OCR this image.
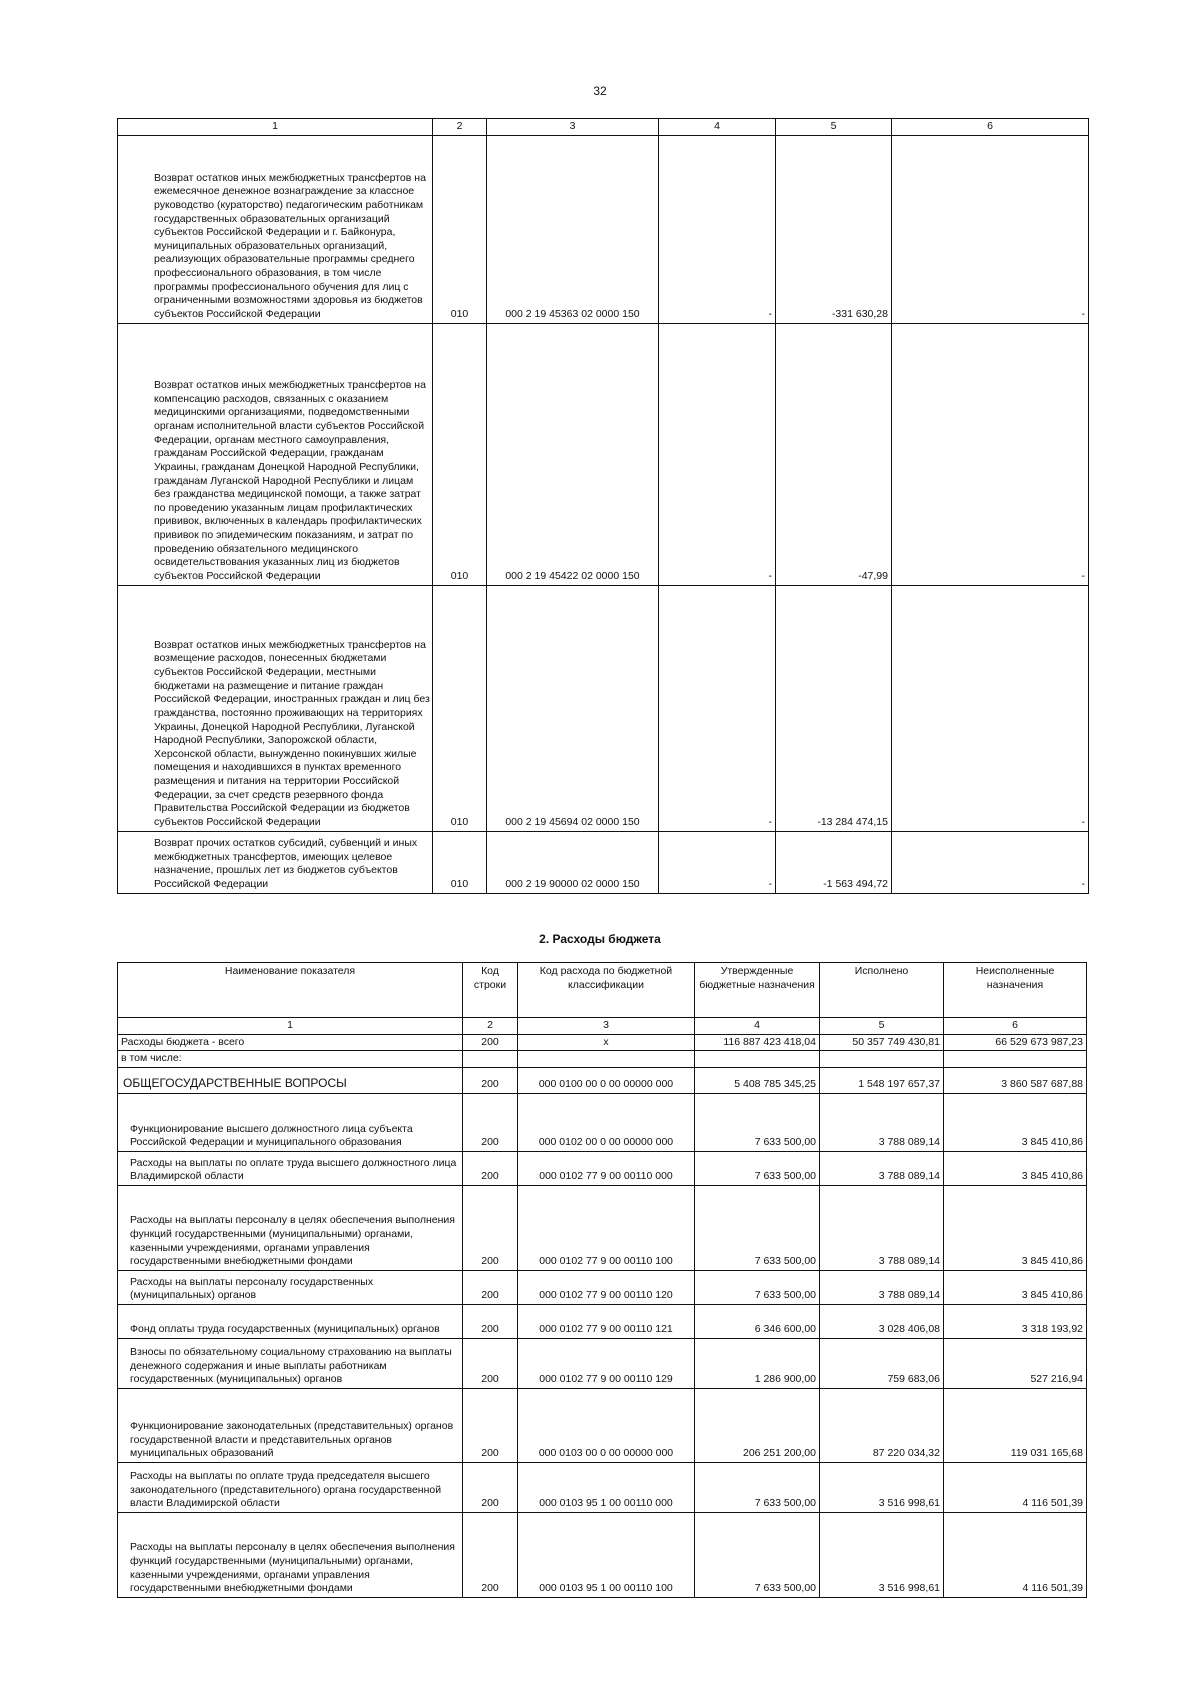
32
1	2	3	4	5	6
Возврат остатков иных межбюджетных трансфертов на ежемесячное денежное вознаграждение за классное руководство (кураторство) педагогическим работникам государственных образовательных организаций субъектов Российской Федерации и г. Байконура, муниципальных образовательных организаций, реализующих образовательные программы среднего профессионального образования, в том числе программы профессионального обучения для лиц с ограниченными возможностями здоровья из бюджетов субъектов Российской Федерации	010	000 2 19 45363 02 0000 150	-	-331 630,28	-
Возврат остатков иных межбюджетных трансфертов на компенсацию расходов, связанных с оказанием медицинскими организациями, подведомственными органам исполнительной власти субъектов Российской Федерации, органам местного самоуправления, гражданам Российской Федерации, гражданам Украины, гражданам Донецкой Народной Республики, гражданам Луганской Народной Республики и лицам без гражданства медицинской помощи, а также затрат по проведению указанным лицам профилактических прививок, включенных в календарь профилактических прививок по эпидемическим показаниям, и затрат по проведению обязательного медицинского освидетельствования указанных лиц из бюджетов субъектов Российской Федерации	010	000 2 19 45422 02 0000 150	-	-47,99	-
Возврат остатков иных межбюджетных трансфертов на возмещение расходов, понесенных бюджетами субъектов Российской Федерации, местными бюджетами на размещение и питание граждан Российской Федерации, иностранных граждан и лиц без гражданства, постоянно проживающих на территориях Украины, Донецкой Народной Республики, Луганской Народной Республики, Запорожской области, Херсонской области, вынужденно покинувших жилые помещения и находившихся в пунктах временного размещения и питания на территории Российской Федерации, за счет средств резервного фонда Правительства Российской Федерации из бюджетов субъектов Российской Федерации	010	000 2 19 45694 02 0000 150	-	-13 284 474,15	-
Возврат прочих остатков субсидий, субвенций и иных межбюджетных трансфертов, имеющих целевое назначение, прошлых лет из бюджетов субъектов Российской Федерации	010	000 2 19 90000 02 0000 150	-	-1 563 494,72	-
2. Расходы бюджета
Наименование показателя	Код строки	Код расхода по бюджетной классификации	Утвержденные бюджетные назначения	Исполнено	Неисполненные назначения
1	2	3	4	5	6
Расходы бюджета - всего	200	x	116 887 423 418,04	50 357 749 430,81	66 529 673 987,23
в том числе:					
ОБЩЕГОСУДАРСТВЕННЫЕ ВОПРОСЫ	200	000 0100 00 0 00 00000 000	5 408 785 345,25	1 548 197 657,37	3 860 587 687,88
Функционирование высшего должностного лица субъекта Российской Федерации и муниципального образования	200	000 0102 00 0 00 00000 000	7 633 500,00	3 788 089,14	3 845 410,86
Расходы на выплаты по оплате труда высшего должностного лица Владимирской области	200	000 0102 77 9 00 00110 000	7 633 500,00	3 788 089,14	3 845 410,86
Расходы на выплаты персоналу в целях обеспечения выполнения функций государственными (муниципальными) органами, казенными учреждениями, органами управления государственными внебюджетными фондами	200	000 0102 77 9 00 00110 100	7 633 500,00	3 788 089,14	3 845 410,86
Расходы на выплаты персоналу государственных (муниципальных) органов	200	000 0102 77 9 00 00110 120	7 633 500,00	3 788 089,14	3 845 410,86
Фонд оплаты труда государственных (муниципальных) органов	200	000 0102 77 9 00 00110 121	6 346 600,00	3 028 406,08	3 318 193,92
Взносы по обязательному социальному страхованию на выплаты денежного содержания и иные выплаты работникам государственных (муниципальных) органов	200	000 0102 77 9 00 00110 129	1 286 900,00	759 683,06	527 216,94
Функционирование законодательных (представительных) органов государственной власти и представительных органов муниципальных образований	200	000 0103 00 0 00 00000 000	206 251 200,00	87 220 034,32	119 031 165,68
Расходы на выплаты по оплате труда председателя высшего законодательного (представительного) органа государственной власти Владимирской области	200	000 0103 95 1 00 00110 000	7 633 500,00	3 516 998,61	4 116 501,39
Расходы на выплаты персоналу в целях обеспечения выполнения функций государственными (муниципальными) органами, казенными учреждениями, органами управления государственными внебюджетными фондами	200	000 0103 95 1 00 00110 100	7 633 500,00	3 516 998,61	4 116 501,39
